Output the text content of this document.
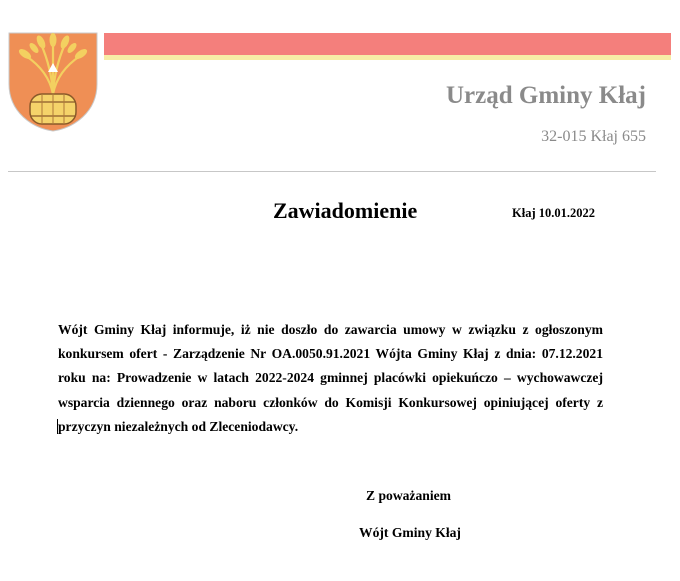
Urząd Gminy Kłaj
32-015 Kłaj 655
Zawiadomienie	Kłaj 10.01.2022
Wójt Gminy Kłaj informuje, iż nie doszło do zawarcia umowy w związku z ogłoszonym konkursem ofert - Zarządzenie Nr OA.0050.91.2021 Wójta Gminy Kłaj z dnia: 07.12.2021 roku na: Prowadzenie w latach 2022-2024 gminnej placówki opiekuńczo – wychowawczej wsparcia dziennego oraz naboru członków do Komisji Konkursowej opiniującej oferty z przyczyn niezależnych od Zleceniodawcy.
Z poważaniem
Wójt Gminy Kłaj
